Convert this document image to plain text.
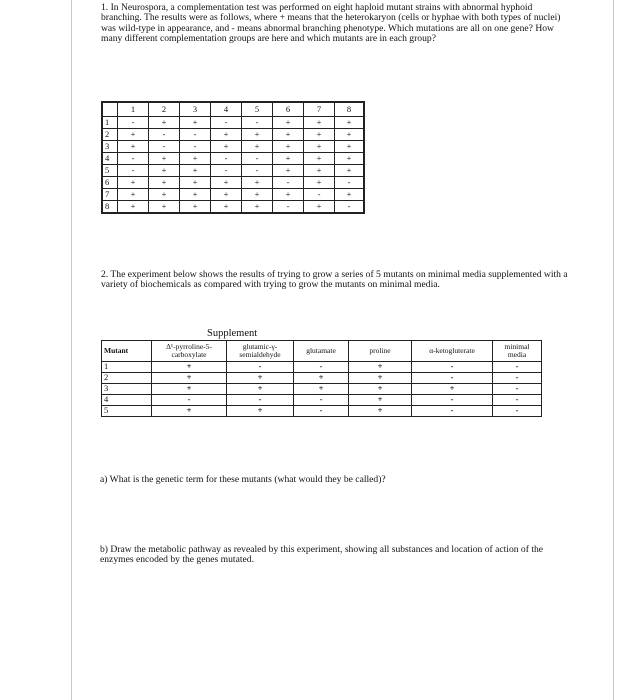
1. In Neurospora, a complementation test was performed on eight haploid mutant strains with abnormal hyphoid branching. The results were as follows, where + means that the heterokaryon (cells or hyphae with both types of nuclei) was wild-type in appearance, and - means abnormal branching phenotype. Which mutations are all on one gene? How many different complementation groups are here and which mutants are in each group?

	1	2	3	4	5	6	7	8
1	-	+	+	-	-	+	+	+
2	+	-	-	+	+	+	+	+
3	+	-	-	+	+	+	+	+
4	-	+	+	-	-	+	+	+
5	-	+	+	-	-	+	+	+
6	+	+	+	+	+	-	+	-
7	+	+	+	+	+	+	-	+
8	+	+	+	+	+	-	+	-

2. The experiment below shows the results of trying to grow a series of 5 mutants on minimal media supplemented with a variety of biochemicals as compared with trying to grow the mutants on minimal media.

Supplement
Mutant	Δ¹-pyrroline-5-carboxylate	glutamic-γ-semialdehyde	glutamate	proline	α-ketogluterate	minimal media
1	+	-	-	+	-	-
2	+	+	+	+	-	-
3	+	+	+	+	+	-
4	-	-	-	+	-	-
5	+	+	-	+	-	-

a) What is the genetic term for these mutants (what would they be called)?

b) Draw the metabolic pathway as revealed by this experiment, showing all substances and location of action of the enzymes encoded by the genes mutated.
